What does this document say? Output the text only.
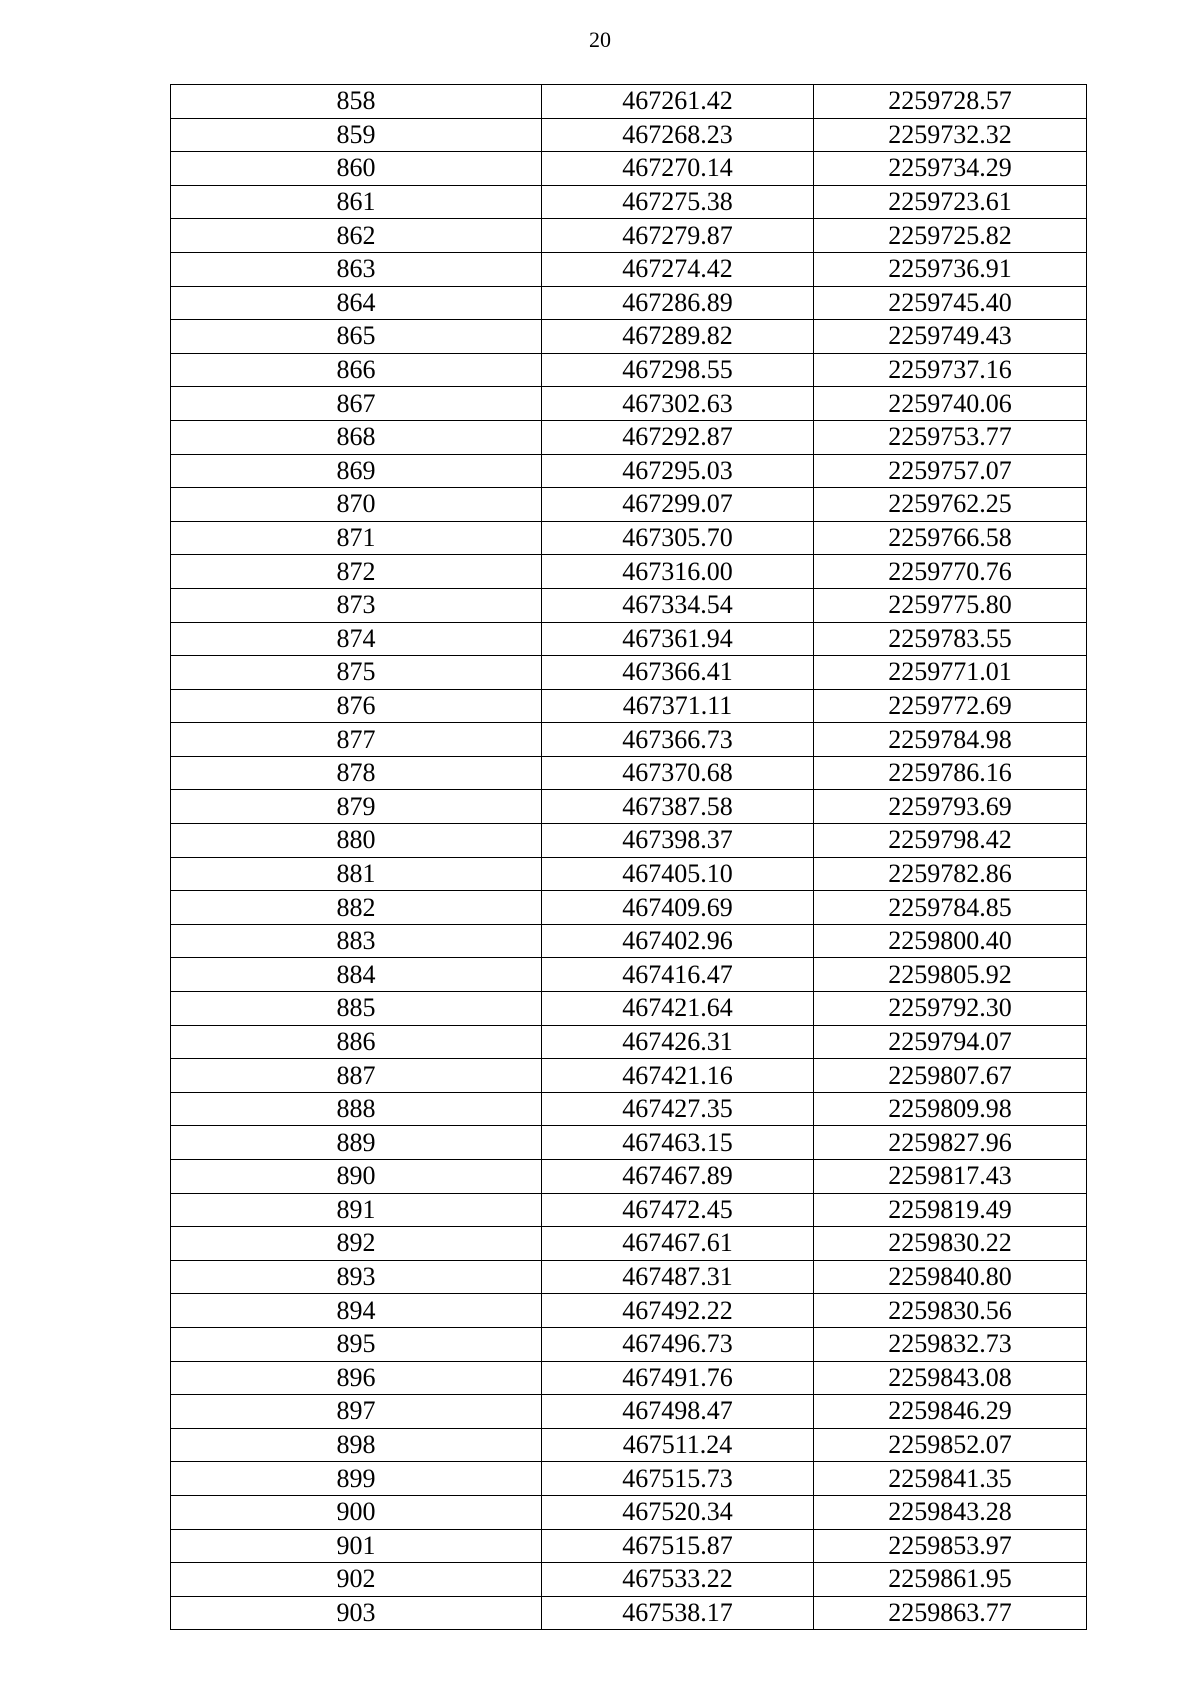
20
858	467261.42	2259728.57
859	467268.23	2259732.32
860	467270.14	2259734.29
861	467275.38	2259723.61
862	467279.87	2259725.82
863	467274.42	2259736.91
864	467286.89	2259745.40
865	467289.82	2259749.43
866	467298.55	2259737.16
867	467302.63	2259740.06
868	467292.87	2259753.77
869	467295.03	2259757.07
870	467299.07	2259762.25
871	467305.70	2259766.58
872	467316.00	2259770.76
873	467334.54	2259775.80
874	467361.94	2259783.55
875	467366.41	2259771.01
876	467371.11	2259772.69
877	467366.73	2259784.98
878	467370.68	2259786.16
879	467387.58	2259793.69
880	467398.37	2259798.42
881	467405.10	2259782.86
882	467409.69	2259784.85
883	467402.96	2259800.40
884	467416.47	2259805.92
885	467421.64	2259792.30
886	467426.31	2259794.07
887	467421.16	2259807.67
888	467427.35	2259809.98
889	467463.15	2259827.96
890	467467.89	2259817.43
891	467472.45	2259819.49
892	467467.61	2259830.22
893	467487.31	2259840.80
894	467492.22	2259830.56
895	467496.73	2259832.73
896	467491.76	2259843.08
897	467498.47	2259846.29
898	467511.24	2259852.07
899	467515.73	2259841.35
900	467520.34	2259843.28
901	467515.87	2259853.97
902	467533.22	2259861.95
903	467538.17	2259863.77
